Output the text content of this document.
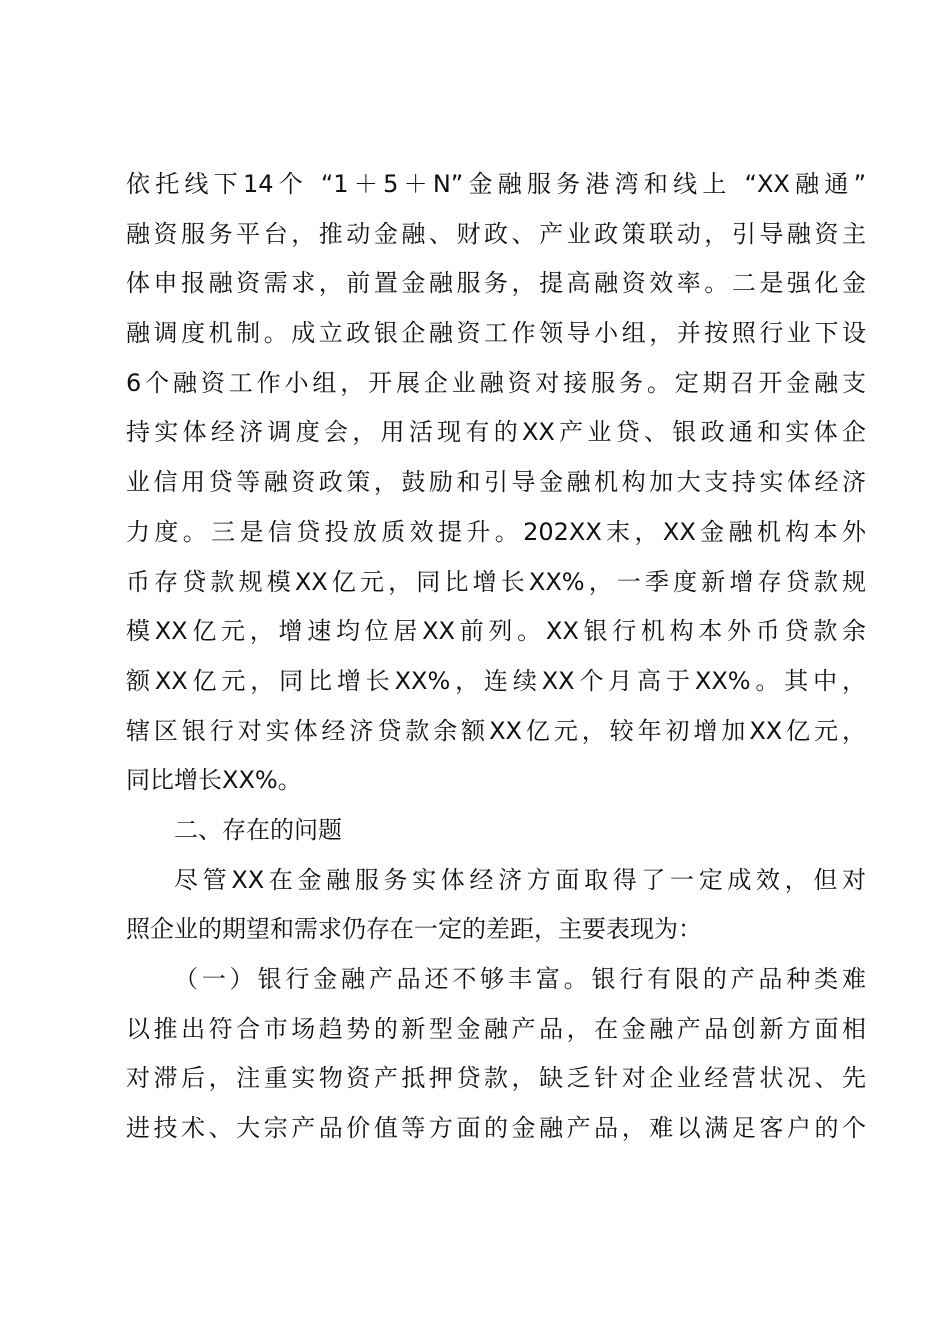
依托线下14个 “1＋5＋N”金融服务港湾和线上 “XX融通”
融资服务平台，推动金融、财政、产业政策联动，引导融资主
体申报融资需求，前置金融服务，提高融资效率。二是强化金
融调度机制。成立政银企融资工作领导小组，并按照行业下设
6个融资工作小组，开展企业融资对接服务。定期召开金融支
持实体经济调度会，用活现有的XX产业贷、银政通和实体企
业信用贷等融资政策，鼓励和引导金融机构加大支持实体经济
力度。三是信贷投放质效提升。202XX末，XX金融机构本外
币存贷款规模XX亿元，同比增长XX%，一季度新增存贷款规
模XX亿元，增速均位居XX前列。XX银行机构本外币贷款余
额XX亿元，同比增长XX%，连续XX个月高于XX%。其中，
辖区银行对实体经济贷款余额XX亿元，较年初增加XX亿元，
同比增长XX%。
二、存在的问题
尽管XX在金融服务实体经济方面取得了一定成效，但对
照企业的期望和需求仍存在一定的差距，主要表现为：
（一）银行金融产品还不够丰富。银行有限的产品种类难
以推出符合市场趋势的新型金融产品，在金融产品创新方面相
对滞后，注重实物资产抵押贷款，缺乏针对企业经营状况、先
进技术、大宗产品价值等方面的金融产品，难以满足客户的个
